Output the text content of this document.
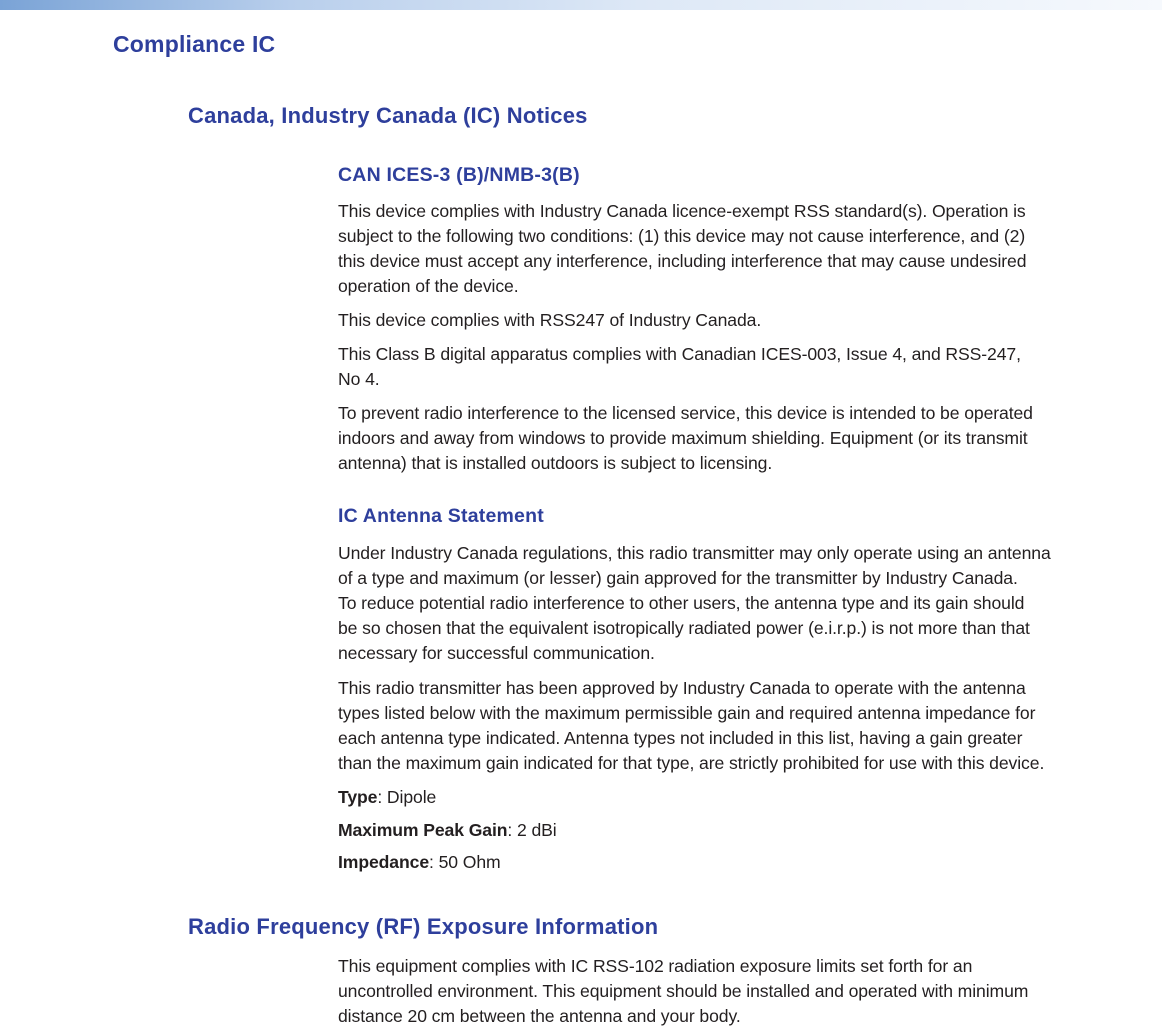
Compliance IC
Canada, Industry Canada (IC) Notices
CAN ICES-3 (B)/NMB-3(B)

This device complies with Industry Canada licence-exempt RSS standard(s). Operation is
subject to the following two conditions: (1) this device may not cause interference, and (2)
this device must accept any interference, including interference that may cause undesired
operation of the device.

This device complies with RSS247 of Industry Canada.

This Class B digital apparatus complies with Canadian ICES-003, Issue 4, and RSS-247,
No 4.

To prevent radio interference to the licensed service, this device is intended to be operated
indoors and away from windows to provide maximum shielding. Equipment (or its transmit
antenna) that is installed outdoors is subject to licensing.

IC Antenna Statement

Under Industry Canada regulations, this radio transmitter may only operate using an antenna
of a type and maximum (or lesser) gain approved for the transmitter by Industry Canada.
To reduce potential radio interference to other users, the antenna type and its gain should
be so chosen that the equivalent isotropically radiated power (e.i.r.p.) is not more than that
necessary for successful communication.

This radio transmitter has been approved by Industry Canada to operate with the antenna
types listed below with the maximum permissible gain and required antenna impedance for
each antenna type indicated. Antenna types not included in this list, having a gain greater
than the maximum gain indicated for that type, are strictly prohibited for use with this device.

Type: Dipole

Maximum Peak Gain: 2 dBi

Impedance: 50 Ohm

Radio Frequency (RF) Exposure Information

This equipment complies with IC RSS-102 radiation exposure limits set forth for an
uncontrolled environment. This equipment should be installed and operated with minimum
distance 20 cm between the antenna and your body.
